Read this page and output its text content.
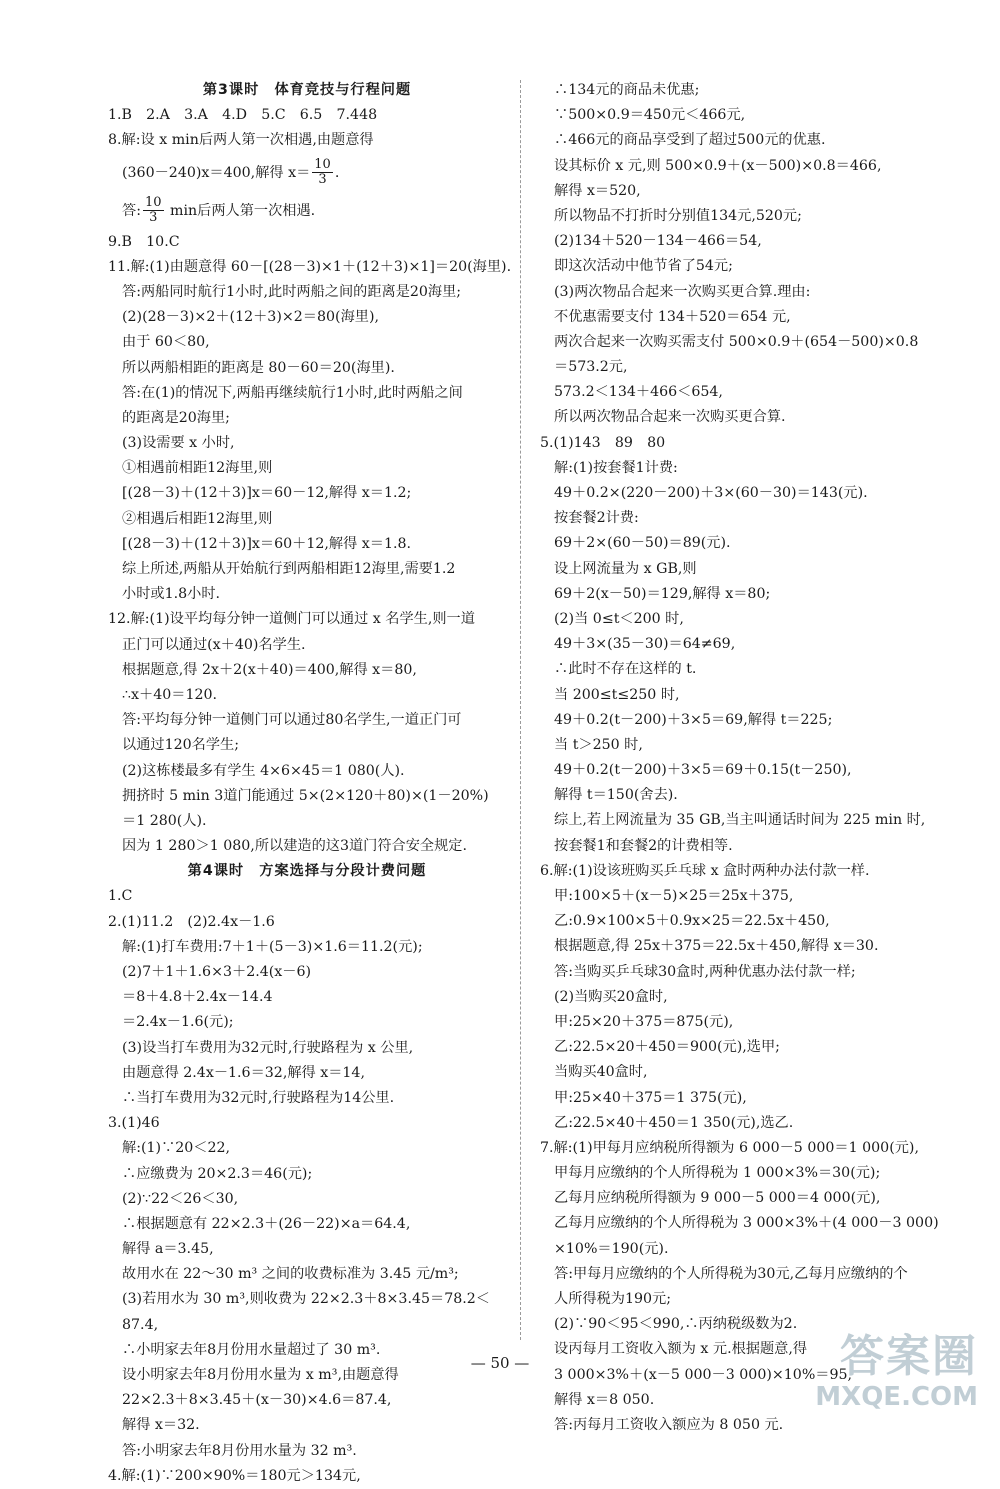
第3课时　体育竞技与行程问题
1.B　2.A　3.A　4.D　5.C　6.5　7.448
8.解:设 x min后两人第一次相遇,由题意得
(360－240)x＝400,解得 $x= \frac{10}{3}$ .
答: $\frac{10}{3}$ min后两人第一次相遇.
9.B　10.C
11.解:(1)由题意得 60－[(28－3)×1＋(12＋3)×1]＝20(海里).
答:两船同时航行1小时,此时两船之间的距离是20海里;
(2)(28－3)×2＋(12＋3)×2＝80(海里),
由于 60＜80,
所以两船相距的距离是 80－60＝20(海里).
答:在(1)的情况下,两船再继续航行1小时,此时两船之间
的距离是20海里;
(3)设需要 x 小时,
①相遇前相距12海里,则
[(28－3)＋(12＋3)]x＝60－12,解得 x＝1.2;
②相遇后相距12海里,则
[(28－3)＋(12＋3)]x＝60＋12,解得 x＝1.8.
综上所述,两船从开始航行到两船相距12海里,需要1.2
小时或1.8小时.
12.解:(1)设平均每分钟一道侧门可以通过 x 名学生,则一道
正门可以通过(x＋40)名学生.
根据题意,得 2x＋2(x＋40)＝400,解得 x＝80,
∴x＋40＝120.
答:平均每分钟一道侧门可以通过80名学生,一道正门可
以通过120名学生;
(2)这栋楼最多有学生 4×6×45＝1 080(人).
拥挤时 5 min 3道门能通过 5×(2×120＋80)×(1－20%)
＝1 280(人).
因为 1 280＞1 080,所以建造的这3道门符合安全规定.
第4课时　方案选择与分段计费问题
1.C
2.(1)11.2　(2)2.4x－1.6
解:(1)打车费用:7＋1＋(5－3)×1.6＝11.2(元);
(2)7＋1＋1.6×3＋2.4(x－6)
＝8＋4.8＋2.4x－14.4
＝2.4x－1.6(元);
(3)设当打车费用为32元时,行驶路程为 x 公里,
由题意得 2.4x－1.6＝32,解得 x＝14,
∴当打车费用为32元时,行驶路程为14公里.
3.(1)46
解:(1)∵20＜22,
∴应缴费为 20×2.3＝46(元);
(2)∵22＜26＜30,
∴根据题意有 22×2.3＋(26－22)×a＝64.4,
解得 a＝3.45,
故用水在 22～30 m³ 之间的收费标准为 3.45 元/m³;
(3)若用水为 30 m³,则收费为 22×2.3＋8×3.45＝78.2＜
87.4,
∴小明家去年8月份用水量超过了 30 m³.
设小明家去年8月份用水量为 x m³,由题意得
22×2.3＋8×3.45＋(x－30)×4.6＝87.4,
解得 x＝32.
答:小明家去年8月份用水量为 32 m³.
4.解:(1)∵200×90%＝180元＞134元,
∴134元的商品未优惠;
∵500×0.9＝450元＜466元,
∴466元的商品享受到了超过500元的优惠.
设其标价 x 元,则 500×0.9＋(x－500)×0.8＝466,
解得 x＝520,
所以物品不打折时分别值134元,520元;
(2)134＋520－134－466＝54,
即这次活动中他节省了54元;
(3)两次物品合起来一次购买更合算.理由:
不优惠需要支付 134＋520＝654 元,
两次合起来一次购买需支付 500×0.9＋(654－500)×0.8
＝573.2元,
573.2＜134＋466＜654,
所以两次物品合起来一次购买更合算.
5.(1)143　89　80
解:(1)按套餐1计费:
49＋0.2×(220－200)＋3×(60－30)＝143(元).
按套餐2计费:
69＋2×(60－50)＝89(元).
设上网流量为 x GB,则
69＋2(x－50)＝129,解得 x＝80;
(2)当 0≤t＜200 时,
49＋3×(35－30)＝64≠69,
∴此时不存在这样的 t.
当 200≤t≤250 时,
49＋0.2(t－200)＋3×5＝69,解得 t＝225;
当 t＞250 时,
49＋0.2(t－200)＋3×5＝69＋0.15(t－250),
解得 t＝150(舍去).
综上,若上网流量为 35 GB,当主叫通话时间为 225 min 时,
按套餐1和套餐2的计费相等.
6.解:(1)设该班购买乒乓球 x 盒时两种办法付款一样.
甲:100×5＋(x－5)×25＝25x＋375,
乙:0.9×100×5＋0.9x×25＝22.5x＋450,
根据题意,得 25x＋375＝22.5x＋450,解得 x＝30.
答:当购买乒乓球30盒时,两种优惠办法付款一样;
(2)当购买20盒时,
甲:25×20＋375＝875(元),
乙:22.5×20＋450＝900(元),选甲;
当购买40盒时,
甲:25×40＋375＝1 375(元),
乙:22.5×40＋450＝1 350(元),选乙.
7.解:(1)甲每月应纳税所得额为 6 000－5 000＝1 000(元),
甲每月应缴纳的个人所得税为 1 000×3%＝30(元);
乙每月应纳税所得额为 9 000－5 000＝4 000(元),
乙每月应缴纳的个人所得税为 3 000×3%＋(4 000－3 000)
×10%＝190(元).
答:甲每月应缴纳的个人所得税为30元,乙每月应缴纳的个
人所得税为190元;
(2)∵90＜95＜990,∴丙纳税级数为2.
设丙每月工资收入额为 x 元.根据题意,得
3 000×3%＋(x－5 000－3 000)×10%＝95,
解得 x＝8 050.
答:丙每月工资收入额应为 8 050 元.
— 50 —	答案圈
MXQE.COM
